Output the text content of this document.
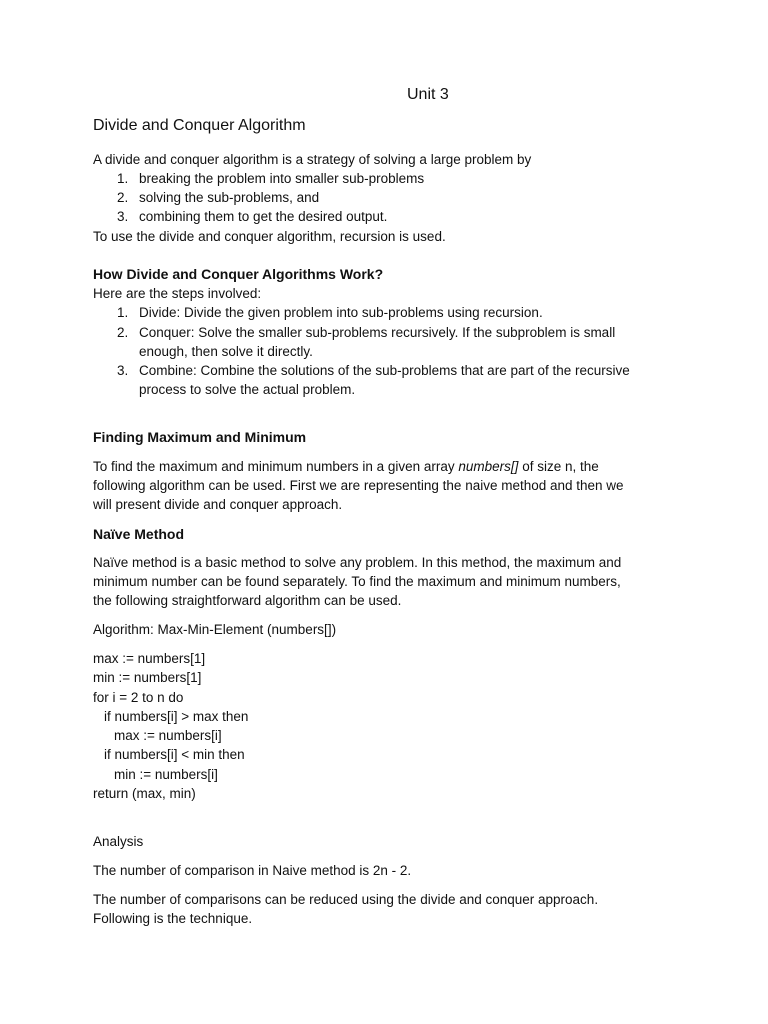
Unit 3
Divide and Conquer Algorithm
A divide and conquer algorithm is a strategy of solving a large problem by
1. breaking the problem into smaller sub-problems
2. solving the sub-problems, and
3. combining them to get the desired output.
To use the divide and conquer algorithm, recursion is used.
How Divide and Conquer Algorithms Work?
Here are the steps involved:
1. Divide: Divide the given problem into sub-problems using recursion.
2. Conquer: Solve the smaller sub-problems recursively. If the subproblem is small
enough, then solve it directly.
3. Combine: Combine the solutions of the sub-problems that are part of the recursive
process to solve the actual problem.
Finding Maximum and Minimum
To find the maximum and minimum numbers in a given array numbers[] of size n, the
following algorithm can be used. First we are representing the naive method and then we
will present divide and conquer approach.
Naïve Method
Naïve method is a basic method to solve any problem. In this method, the maximum and
minimum number can be found separately. To find the maximum and minimum numbers,
the following straightforward algorithm can be used.
Algorithm: Max-Min-Element (numbers[])
max := numbers[1]
min := numbers[1]
for i = 2 to n do
if numbers[i] > max then
max := numbers[i]
if numbers[i] < min then
min := numbers[i]
return (max, min)
Analysis
The number of comparison in Naive method is 2n - 2.
The number of comparisons can be reduced using the divide and conquer approach.
Following is the technique.
